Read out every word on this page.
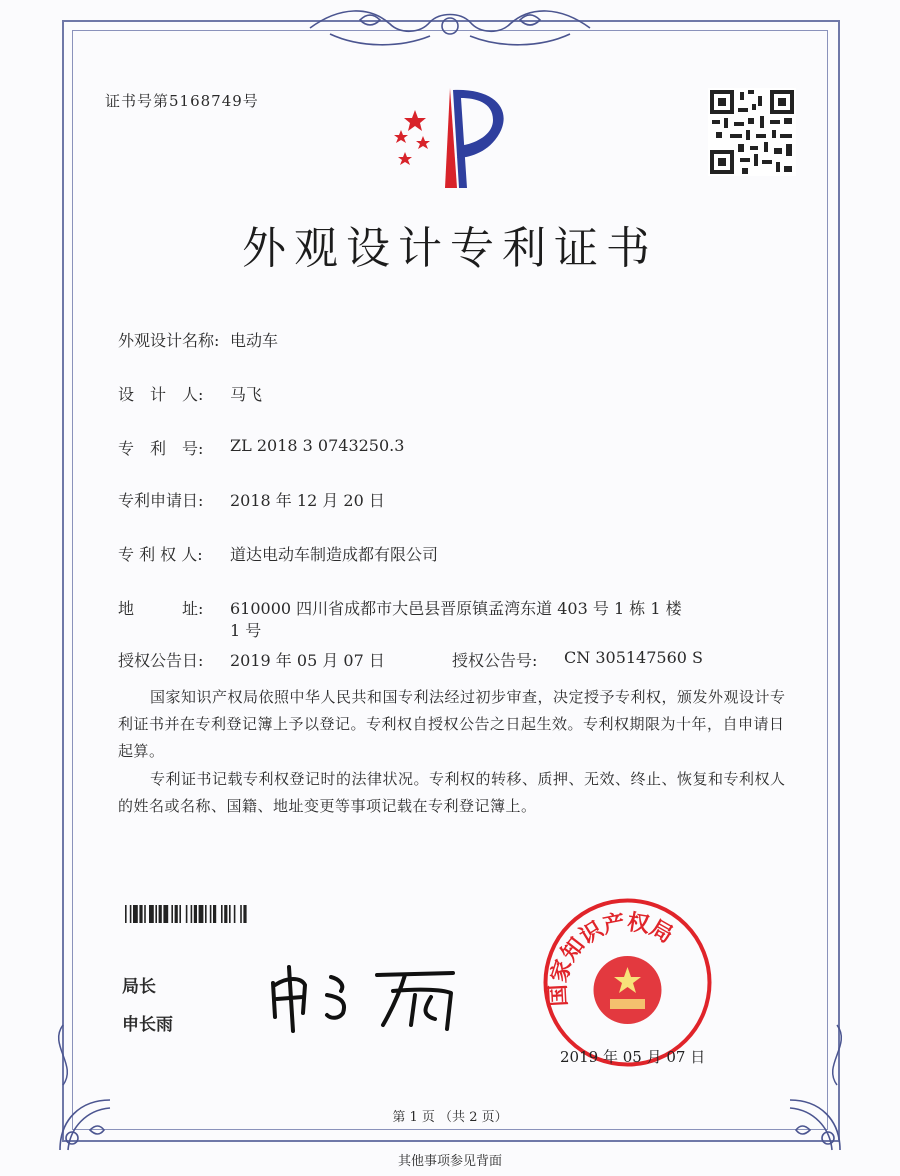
证书号第5168749号
外观设计专利证书
外观设计名称: 电动车
设　计　人:	马飞
专　利　号:	ZL 2018 3 0743250.3
专利申请日:	2018 年 12 月 20 日
专 利 权 人:	道达电动车制造成都有限公司
地　　　址:	610000 四川省成都市大邑县晋原镇孟湾东道 403 号 1 栋 1 楼
1 号
授权公告日:	2019 年 05 月 07 日	授权公告号:	CN 305147560 S
国家知识产权局依照中华人民共和国专利法经过初步审查，决定授予专利权，颁发外观设计专利证书并在专利登记簿上予以登记。专利权自授权公告之日起生效。专利权期限为十年，自申请日起算。
专利证书记载专利权登记时的法律状况。专利权的转移、质押、无效、终止、恢复和专利权人的姓名或名称、国籍、地址变更等事项记载在专利登记簿上。
局长
申长雨
国家知识产权局
2019 年 05 月 07 日
第 1 页 （共 2 页）
其他事项参见背面
